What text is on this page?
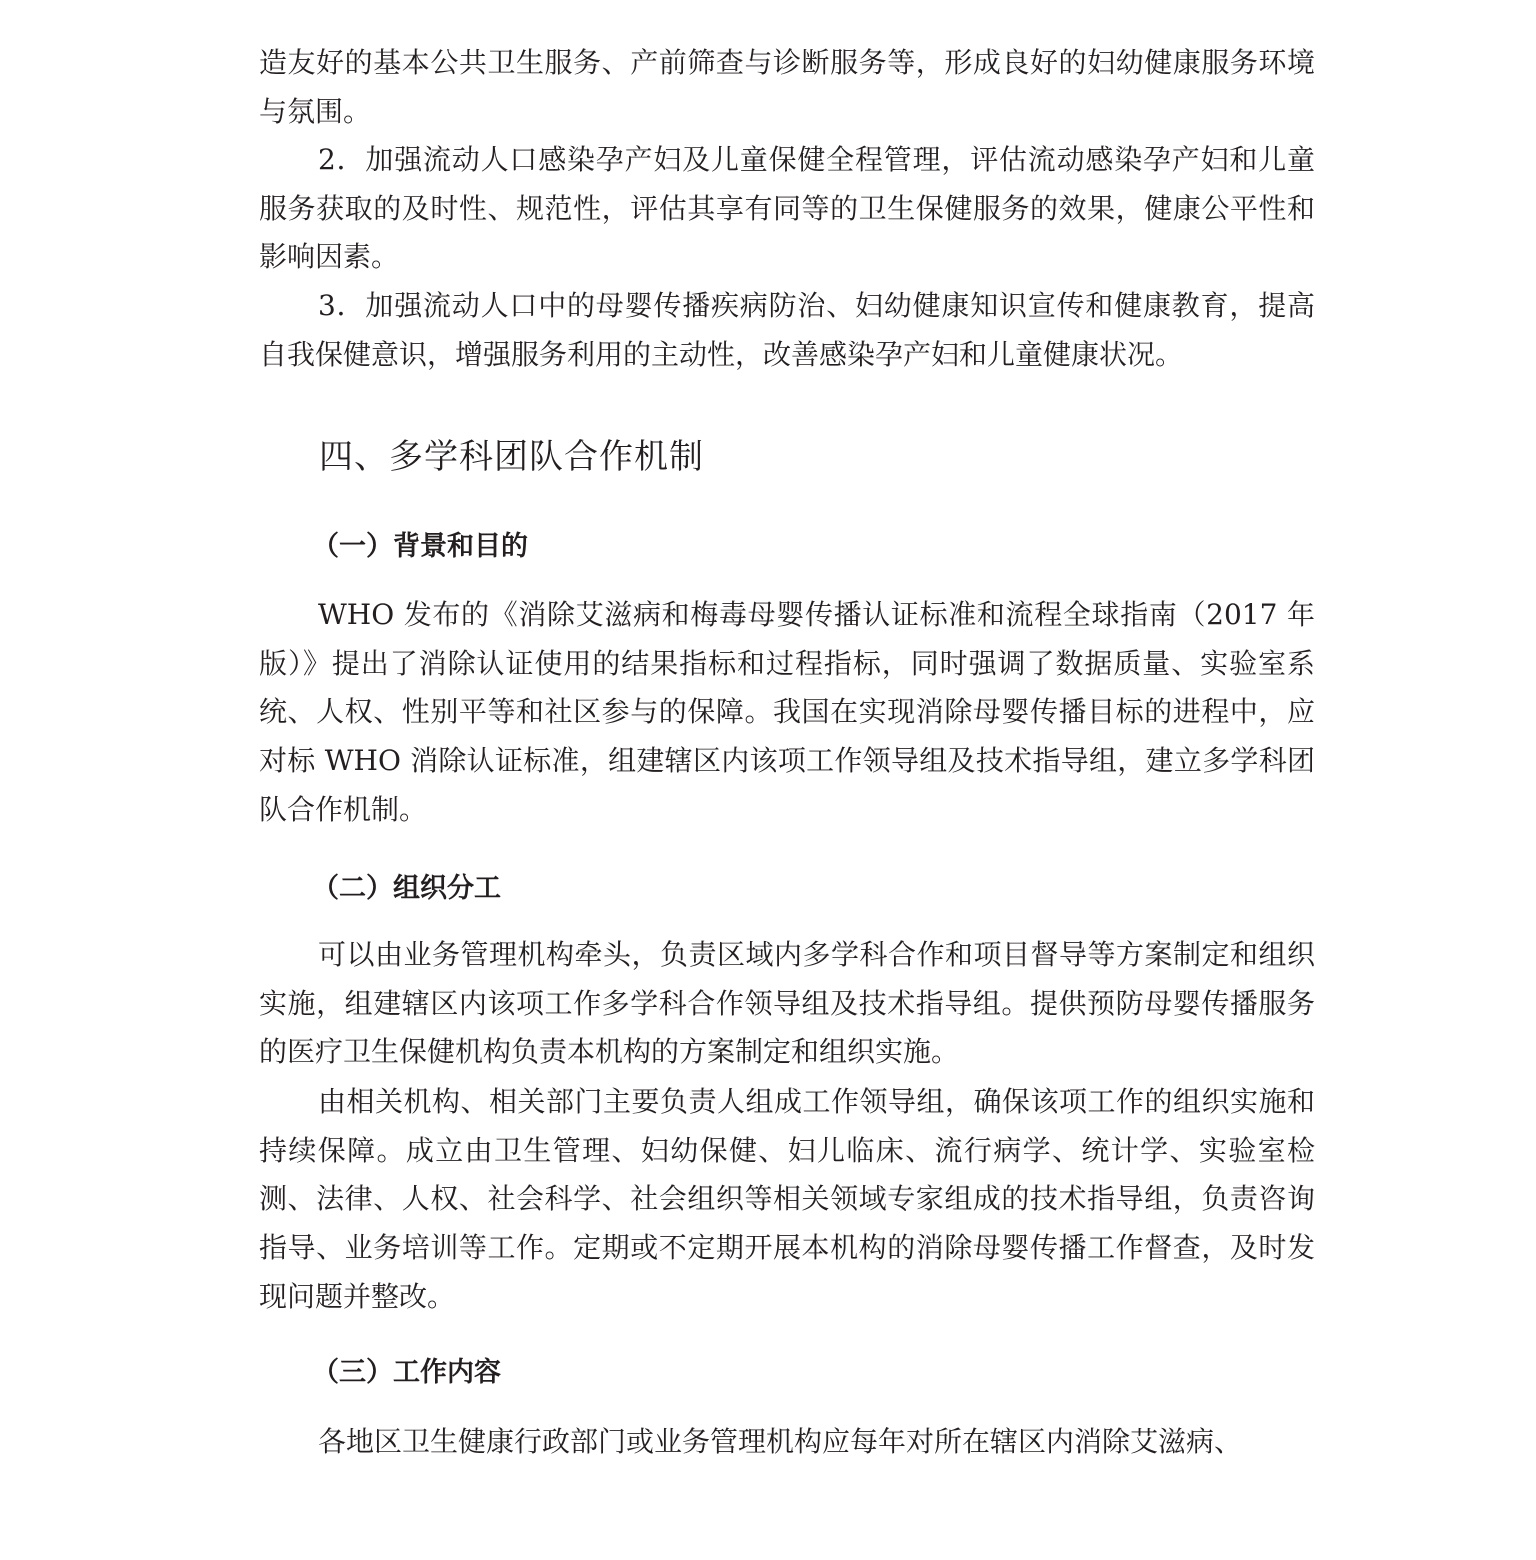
造友好的基本公共卫生服务、产前筛查与诊断服务等，形成良好的妇幼健康服务环境与氛围。

2．加强流动人口感染孕产妇及儿童保健全程管理，评估流动感染孕产妇和儿童服务获取的及时性、规范性，评估其享有同等的卫生保健服务的效果，健康公平性和影响因素。

3．加强流动人口中的母婴传播疾病防治、妇幼健康知识宣传和健康教育，提高自我保健意识，增强服务利用的主动性，改善感染孕产妇和儿童健康状况。

四、多学科团队合作机制
（一）背景和目的

WHO 发布的《消除艾滋病和梅毒母婴传播认证标准和流程全球指南（2017 年版）》提出了消除认证使用的结果指标和过程指标，同时强调了数据质量、实验室系统、人权、性别平等和社区参与的保障。我国在实现消除母婴传播目标的进程中，应对标 WHO 消除认证标准，组建辖区内该项工作领导组及技术指导组，建立多学科团队合作机制。

（二）组织分工

可以由业务管理机构牵头，负责区域内多学科合作和项目督导等方案制定和组织实施，组建辖区内该项工作多学科合作领导组及技术指导组。提供预防母婴传播服务的医疗卫生保健机构负责本机构的方案制定和组织实施。

由相关机构、相关部门主要负责人组成工作领导组，确保该项工作的组织实施和持续保障。成立由卫生管理、妇幼保健、妇儿临床、流行病学、统计学、实验室检测、法律、人权、社会科学、社会组织等相关领域专家组成的技术指导组，负责咨询指导、业务培训等工作。定期或不定期开展本机构的消除母婴传播工作督查，及时发现问题并整改。

（三）工作内容

各地区卫生健康行政部门或业务管理机构应每年对所在辖区内消除艾滋病、
